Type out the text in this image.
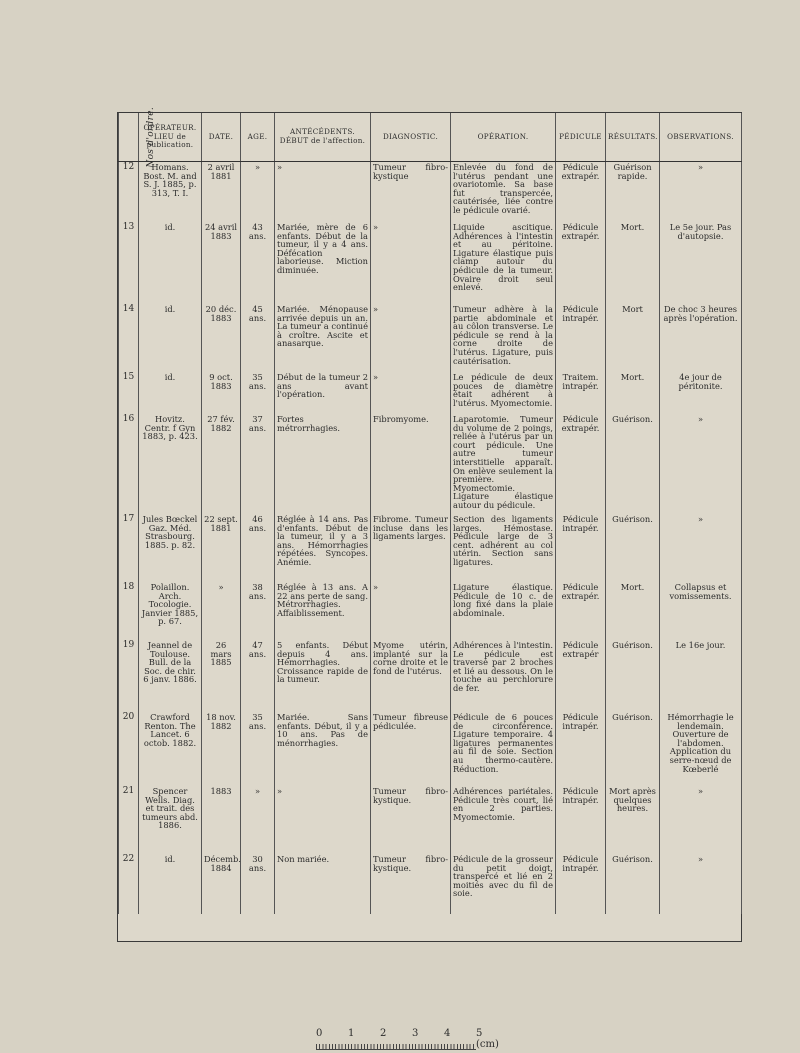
Nos d'ordre.	OPÉRATEUR. LIEU de publication.	DATE.	AGE.	ANTÉCÉDENTS. DÉBUT de l'affection.	DIAGNOSTIC.	OPÉRATION.	PÉDICULE	RÉSULTATS.	OBSERVATIONS.
12	Homans. Bost. M. and S. J. 1885, p. 313, T. I.	2 avril 1881	»	»	Tumeur fibro-kystique	Enlevée du fond de l'utérus pendant une ovariotomie. Sa base fut transpercée, cautérisée, liée contre le pédicule ovarié.	Pédicule extrapér.	Guérison rapide.	»
13	id.	24 avril 1883	43 ans.	Mariée, mère de 6 enfants. Début de la tumeur, il y a 4 ans. Défécation laborieuse. Miction diminuée.	»	Liquide ascitique. Adhérences à l'intestin et au péritoine. Ligature élastique puis clamp autour du pédicule de la tumeur. Ovaire droit seul enlevé.	Pédicule extrapér.	Mort.	Le 5e jour. Pas d'autopsie.
14	id.	20 déc. 1883	45 ans.	Mariée. Ménopause arrivée depuis un an. La tumeur a continué à croître. Ascite et anasarque.	»	Tumeur adhère à la partie abdominale et au côlon transverse. Le pédicule se rend à la corne droite de l'utérus. Ligature, puis cautérisation.	Pédicule intrapér.	Mort	De choc 3 heures après l'opération.
15	id.	9 oct. 1883	35 ans.	Début de la tumeur 2 ans avant l'opération.	»	Le pédicule de deux pouces de diamètre était adhérent à l'utérus. Myomectomie.	Traitem. intrapér.	Mort.	4e jour de péritonite.
16	Hovitz. Centr. f Gyn 1883, p. 423.	27 fév. 1882	37 ans.	Fortes métrorrhagies.	Fibromyome.	Laparotomie. Tumeur du volume de 2 poings, reliée à l'utérus par un court pédicule. Une autre tumeur interstitielle apparaît. On enlève seulement la première. Myomectomie. Ligature élastique autour du pédicule.	Pédicule extrapér.	Guérison.	»
17	Jules Bœckel Gaz. Méd. Strasbourg. 1885. p. 82.	22 sept. 1881	46 ans.	Réglée à 14 ans. Pas d'enfants. Début de la tumeur, il y a 3 ans. Hémorrhagies répétées. Syncopes. Anémie.	Fibrome. Tumeur incluse dans les ligaments larges.	Section des ligaments larges. Hémostase. Pédicule large de 3 cent. adhérent au col utérin. Section sans ligatures.	Pédicule intrapér.	Guérison.	»
18	Polaillon. Arch. Tocologie. Janvier 1885, p. 67.	»	38 ans.	Réglée à 13 ans. A 22 ans perte de sang. Métrorrhagies. Affaiblissement.	»	Ligature élastique. Pédicule de 10 c. de long fixé dans la plaie abdominale.	Pédicule extrapér.	Mort.	Collapsus et vomissements.
19	Jeannel de Toulouse. Bull. de la Soc. de chir. 6 janv. 1886.	26 mars 1885	47 ans.	5 enfants. Début depuis 4 ans. Hémorrhagies. Croissance rapide de la tumeur.	Myome utérin, implanté sur la corne droite et le fond de l'utérus.	Adhérences à l'intestin. Le pédicule est traversé par 2 broches et lié au dessous. On le touche au perchlorure de fer.	Pédicule extrapér	Guérison.	Le 16e jour.
20	Crawford Renton. The Lancet. 6 octob. 1882.	18 nov. 1882	35 ans.	Mariée. Sans enfants. Début, il y a 10 ans. Pas de ménorrhagies.	Tumeur fibreuse pédiculée.	Pédicule de 6 pouces de circonférence. Ligature temporaire. 4 ligatures permanentes au fil de soie. Section au thermo-cautère. Réduction.	Pédicule intrapér.	Guérison.	Hémorrhagie le lendemain. Ouverture de l'abdomen. Application du serre-nœud de Kœberlé
21	Spencer Wells. Diag. et trait. des tumeurs abd. 1886.	1883	»	»	Tumeur fibro-kystique.	Adhérences pariétales. Pédicule très court, lié en 2 parties. Myomectomie.	Pédicule intrapér.	Mort après quelques heures.	»
22	id.	Décemb. 1884	30 ans.	Non mariée.	Tumeur fibro-kystique.	Pédicule de la grosseur du petit doigt, transpercé et lié en 2 moitiés avec du fil de soie.	Pédicule intrapér.	Guérison.	»
0	1	2	3	4	5 (cm)
